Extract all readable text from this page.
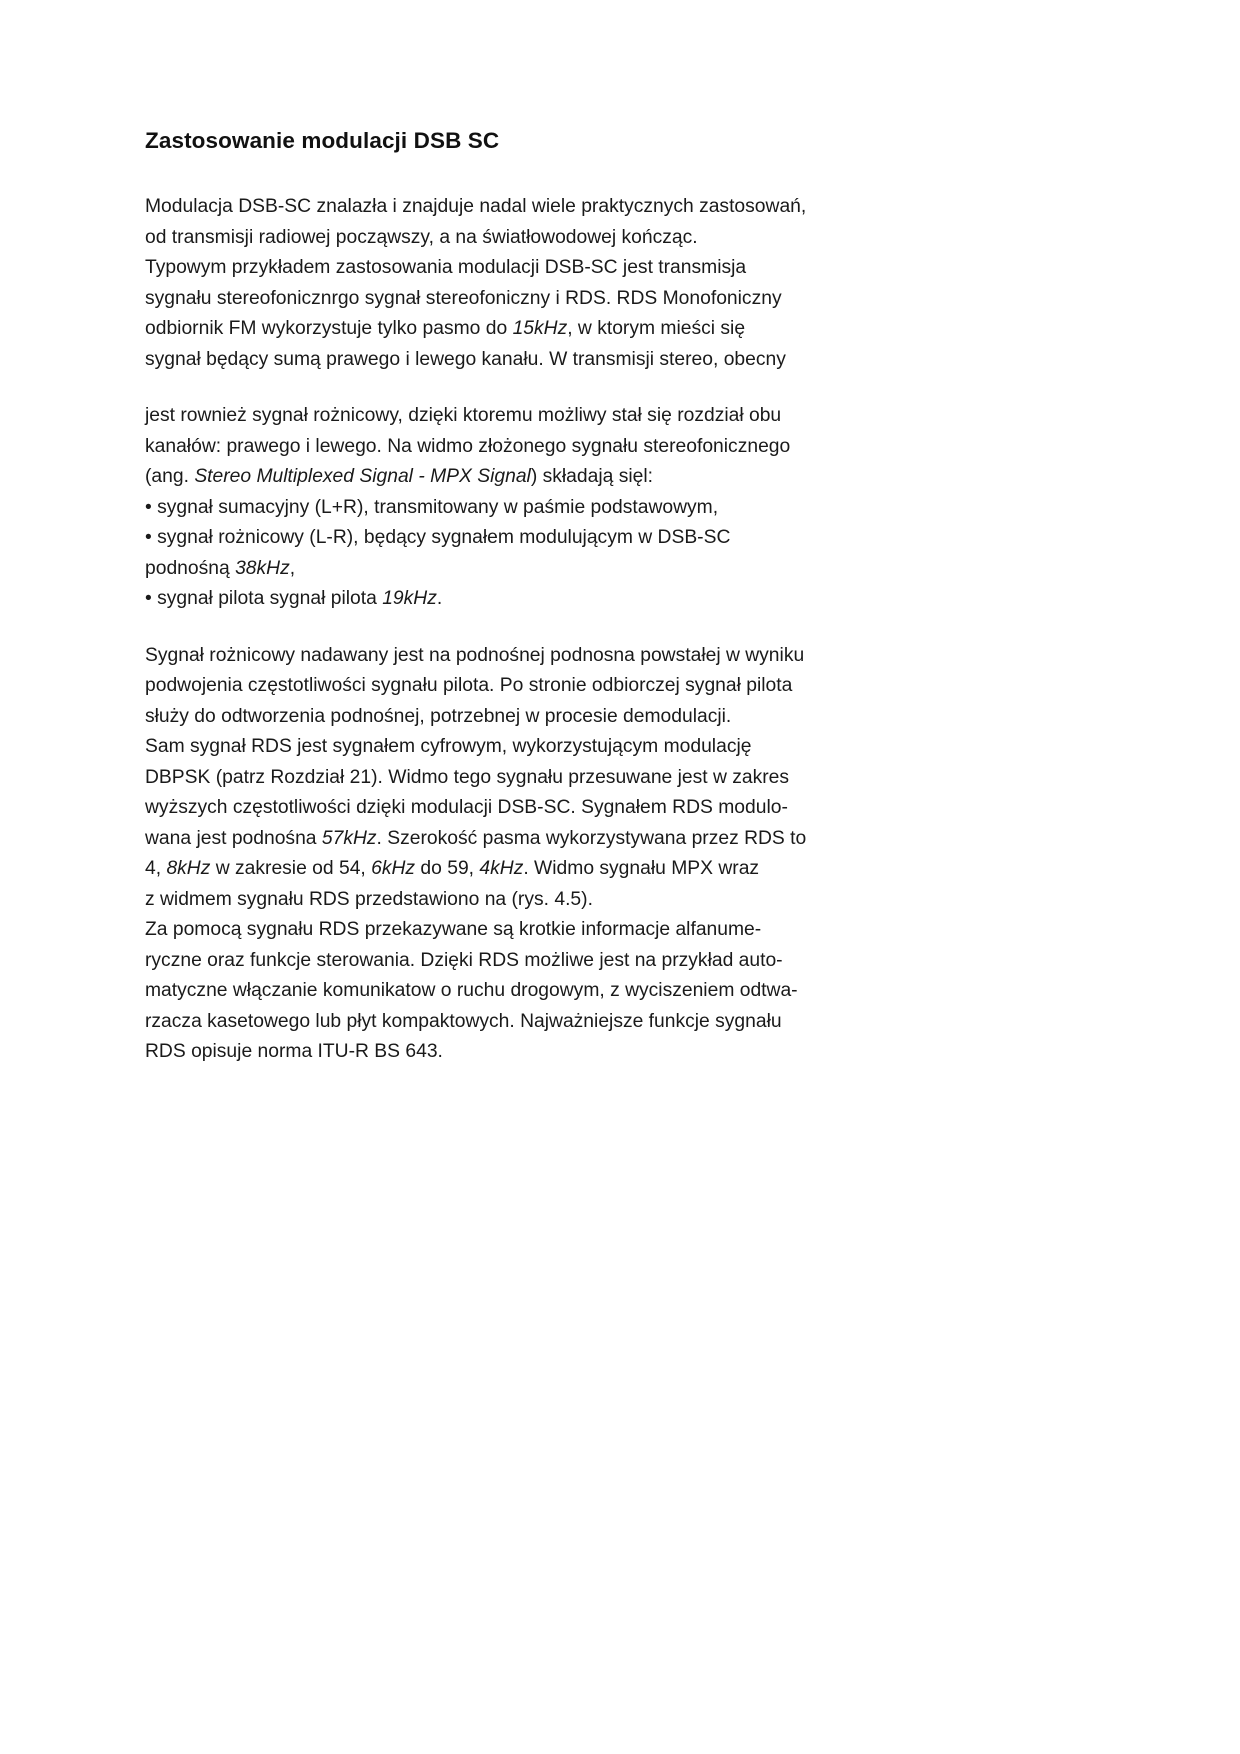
Zastosowanie modulacji DSB SC
Modulacja DSB-SC znalazła i znajduje nadal wiele praktycznych zastosowań,
od transmisji radiowej począwszy, a na światłowodowej kończąc.
Typowym przykładem zastosowania modulacji DSB-SC jest transmisja
sygnału stereofonicznrgo sygnał stereofoniczny i RDS. RDS Monofoniczny
odbiornik FM wykorzystuje tylko pasmo do 15kHz, w ktorym mieści się
sygnał będący sumą prawego i lewego kanału. W transmisji stereo, obecny
jest rownież sygnał rożnicowy, dzięki ktoremu możliwy stał się rozdział obu
kanałów: prawego i lewego. Na widmo złożonego sygnału stereofonicznego
(ang. Stereo Multiplexed Signal - MPX Signal) składają sięl:
• sygnał sumacyjny (L+R), transmitowany w paśmie podstawowym,
• sygnał rożnicowy (L-R), będący sygnałem modulującym w DSB-SC
podnośną 38kHz,
• sygnał pilota sygnał pilota 19kHz.
Sygnał rożnicowy nadawany jest na podnośnej podnosna powstałej w wyniku
podwojenia częstotliwości sygnału pilota. Po stronie odbiorczej sygnał pilota
służy do odtworzenia podnośnej, potrzebnej w procesie demodulacji.
Sam sygnał RDS jest sygnałem cyfrowym, wykorzystującym modulację
DBPSK (patrz Rozdział 21). Widmo tego sygnału przesuwane jest w zakres
wyższych częstotliwości dzięki modulacji DSB-SC. Sygnałem RDS modulo-
wana jest podnośna 57kHz. Szerokość pasma wykorzystywana przez RDS to
4, 8kHz w zakresie od 54, 6kHz do 59, 4kHz. Widmo sygnału MPX wraz
z widmem sygnału RDS przedstawiono na (rys. 4.5).
Za pomocą sygnału RDS przekazywane są krotkie informacje alfanume-
ryczne oraz funkcje sterowania. Dzięki RDS możliwe jest na przykład auto-
matyczne włączanie komunikatow o ruchu drogowym, z wyciszeniem odtwa-
rzacza kasetowego lub płyt kompaktowych. Najważniejsze funkcje sygnału
RDS opisuje norma ITU-R BS 643.
